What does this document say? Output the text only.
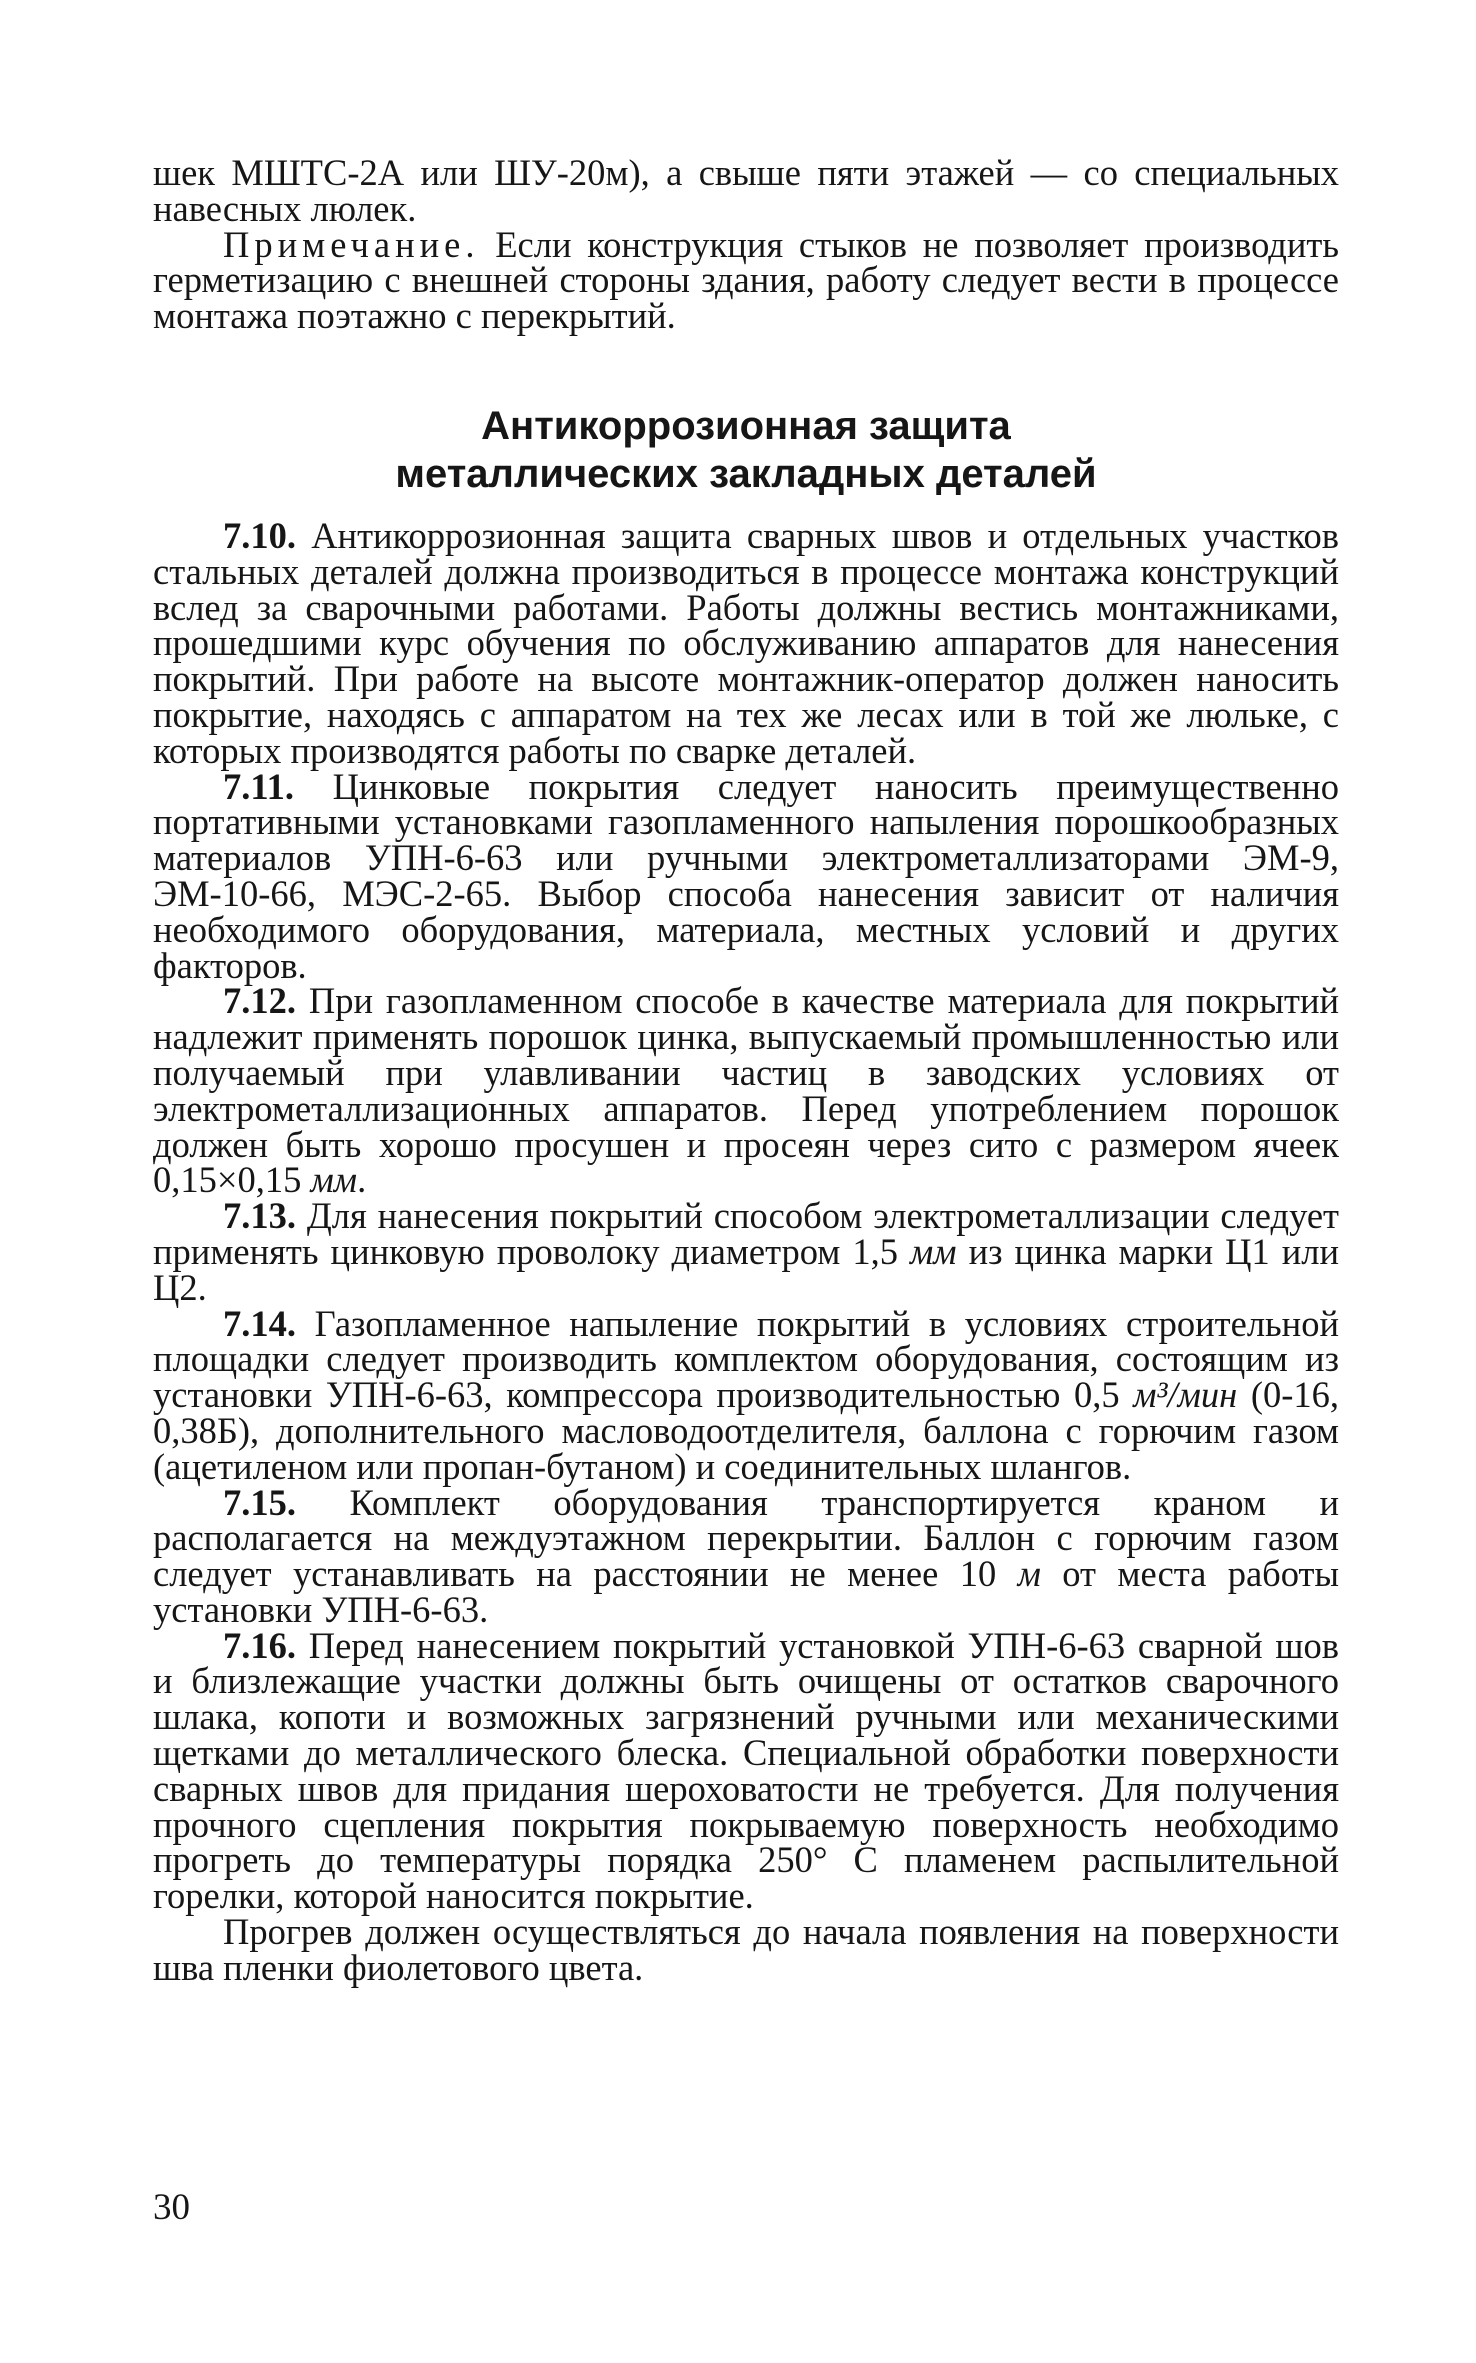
шек МШТС-2А или ШУ-20м), а свыше пяти этажей — со специальных навесных люлек.

Примечание. Если конструкция стыков не позволяет производить герметизацию с внешней стороны здания, работу следует вести в процессе монтажа поэтажно с перекрытий.

Антикоррозионная защита
металлических закладных деталей

7.10. Антикоррозионная защита сварных швов и отдельных участков стальных деталей должна производиться в процессе монтажа конструкций вслед за сварочными работами. Работы должны вестись монтажниками, прошедшими курс обучения по обслуживанию аппаратов для нанесения покрытий. При работе на высоте монтажник-оператор должен наносить покрытие, находясь с аппаратом на тех же лесах или в той же люльке, с которых производятся работы по сварке деталей.

7.11. Цинковые покрытия следует наносить преимущественно портативными установками газопламенного напыления порошкообразных материалов УПН-6-63 или ручными электрометаллизаторами ЭМ-9, ЭМ-10-66, МЭС-2-65. Выбор способа нанесения зависит от наличия необходимого оборудования, материала, местных условий и других факторов.

7.12. При газопламенном способе в качестве материала для покрытий надлежит применять порошок цинка, выпускаемый промышленностью или получаемый при улавливании частиц в заводских условиях от электрометаллизационных аппаратов. Перед употреблением порошок должен быть хорошо просушен и просеян через сито с размером ячеек 0,15×0,15 мм.

7.13. Для нанесения покрытий способом электрометаллизации следует применять цинковую проволоку диаметром 1,5 мм из цинка марки Ц1 или Ц2.

7.14. Газопламенное напыление покрытий в условиях строительной площадки следует производить комплектом оборудования, состоящим из установки УПН-6-63, компрессора производительностью 0,5 м³/мин (0-16, 0,38Б), дополнительного масловодоотделителя, баллона с горючим газом (ацетиленом или пропан-бутаном) и соединительных шлангов.

7.15. Комплект оборудования транспортируется краном и располагается на междуэтажном перекрытии. Баллон с горючим газом следует устанавливать на расстоянии не менее 10 м от места работы установки УПН-6-63.

7.16. Перед нанесением покрытий установкой УПН-6-63 сварной шов и близлежащие участки должны быть очищены от остатков сварочного шлака, копоти и возможных загрязнений ручными или механическими щетками до металлического блеска. Специальной обработки поверхности сварных швов для придания шероховатости не требуется. Для получения прочного сцепления покрытия покрываемую поверхность необходимо прогреть до температуры порядка 250° С пламенем распылительной горелки, которой наносится покрытие.

Прогрев должен осуществляться до начала появления на поверхности шва пленки фиолетового цвета.

30
